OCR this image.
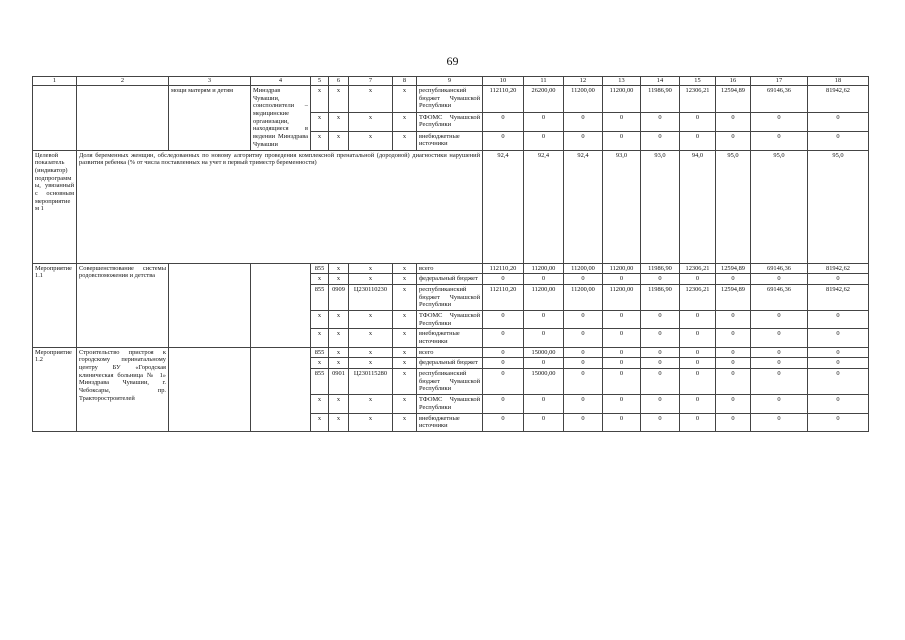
69
1	2	3	4	5	6	7	8	9	10	11	12	13	14	15	16	17	18
		мощи матерям и детям	Минздрав Чувашии, соисполнители – медицинские организации, находящиеся в ведении Минздрава Чувашии	x	x	x	x	республиканский бюджет Чувашской Республики	112110,20	26200,00	11200,00	11200,00	11986,90	12306,21	12594,89	69146,36	81942,62
				x	x	x	x	ТФОМС Чувашской Республики	0	0	0	0	0	0	0	0	0
				x	x	x	x	внебюджетные источники	0	0	0	0	0	0	0	0	0
Целевой показатель (индикатор) подпрограммы, увязанный с основным мероприятием 1	Доля беременных женщин, обследованных по новому алгоритму проведения комплексной пренатальной (дородовой) диагностики нарушений развития ребенка (% от числа поставленных на учет в первый триместр беременности)								92,4	92,4	92,4	93,0	93,0	94,0	95,0	95,0	95,0
Мероприятие 1.1	Совершенствование системы родовспоможения и детства			855	x	x	x	всего	112110,20	11200,00	11200,00	11200,00	11986,90	12306,21	12594,89	69146,36	81942,62
				x	x	x	x	федеральный бюджет	0	0	0	0	0	0	0	0	0
				855	0909	Ц230110230	x	республиканский бюджет Чувашской Республики	112110,20	11200,00	11200,00	11200,00	11986,90	12306,21	12594,89	69146,36	81942,62
				x	x	x	x	ТФОМС Чувашской Республики	0	0	0	0	0	0	0	0	0
				x	x	x	x	внебюджетные источники	0	0	0	0	0	0	0	0	0
Мероприятие 1.2	Строительство пристроя к городскому перинатальному центру БУ «Городская клиническая больница № 1» Минздрава Чувашии, г. Чебоксары, пр. Тракторостроителей			855	x	x	x	всего	0	15000,00	0	0	0	0	0	0	0
				x	x	x	x	федеральный бюджет	0	0	0	0	0	0	0	0	0
				855	0901	Ц230115280	x	республиканский бюджет Чувашской Республики	0	15000,00	0	0	0	0	0	0	0
				x	x	x	x	ТФОМС Чувашской Республики	0	0	0	0	0	0	0	0	0
				x	x	x	x	внебюджетные источники	0	0	0	0	0	0	0	0	0
